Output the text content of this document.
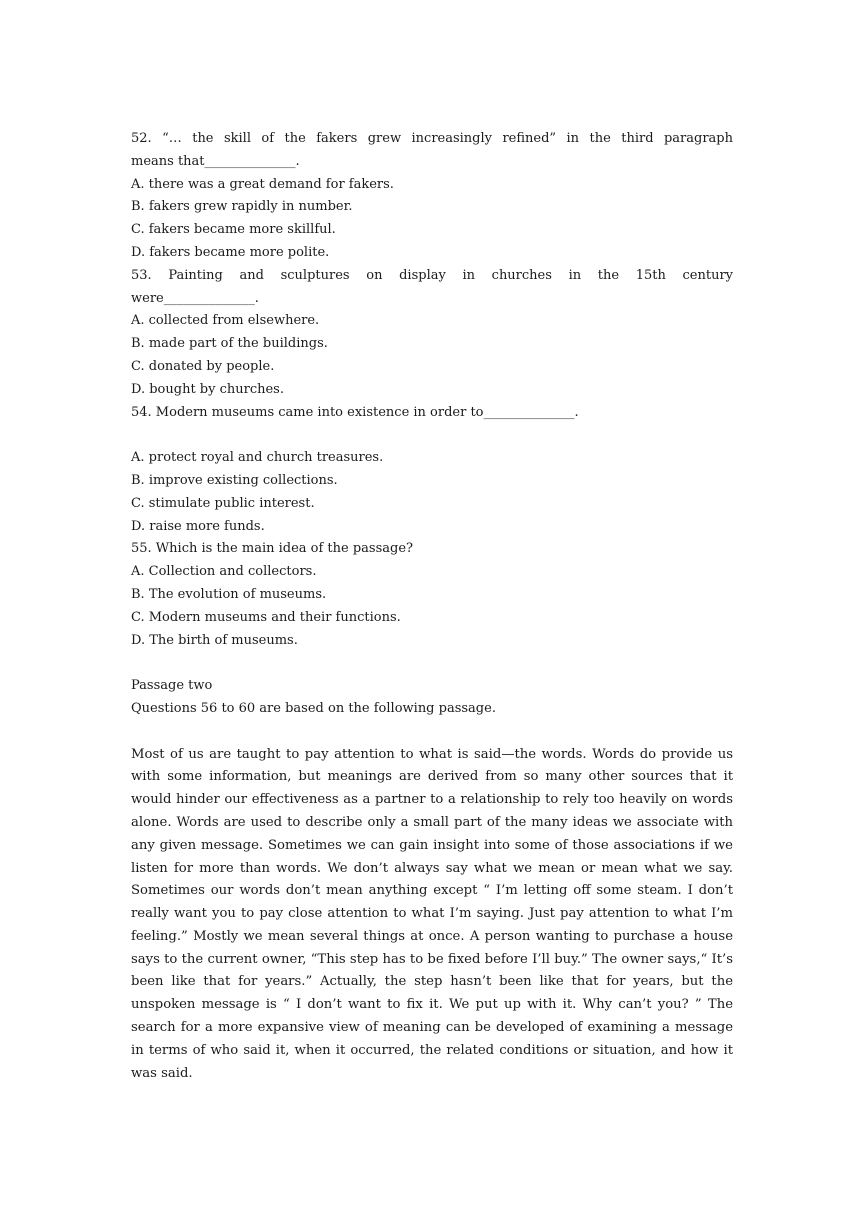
52. “… the skill of the fakers grew increasingly refined” in the third paragraph
means that______________.
A. there was a great demand for fakers.
B. fakers grew rapidly in number.
C. fakers became more skillful.
D. fakers became more polite.
53. Painting and sculptures on display in churches in the 15th century
were______________.
A. collected from elsewhere.
B. made part of the buildings.
C. donated by people.
D. bought by churches.
54. Modern museums came into existence in order to______________.
A. protect royal and church treasures.
B. improve existing collections.
C. stimulate public interest.
D. raise more funds.
55. Which is the main idea of the passage?
A. Collection and collectors.
B. The evolution of museums.
C. Modern museums and their functions.
D. The birth of museums.
Passage two
Questions 56 to 60 are based on the following passage.
Most of us are taught to pay attention to what is said—the words. Words do provide us with some information, but meanings are derived from so many other sources that it would hinder our effectiveness as a partner to a relationship to rely too heavily on words alone. Words are used to describe only a small part of the many ideas we associate with any given message. Sometimes we can gain insight into some of those associations if we listen for more than words. We don’t always say what we mean or mean what we say. Sometimes our words don’t mean anything except “ I’m letting off some steam. I don’t really want you to pay close attention to what I’m saying. Just pay attention to what I’m feeling.” Mostly we mean several things at once. A person wanting to purchase a house says to the current owner, “This step has to be fixed before I’ll buy.” The owner says,“ It’s been like that for years.” Actually, the step hasn’t been like that for years, but the unspoken message is “ I don’t want to fix it. We put up with it. Why can’t you? ” The search for a more expansive view of meaning can be developed of examining a message in terms of who said it, when it occurred, the related conditions or situation, and how it was said.
